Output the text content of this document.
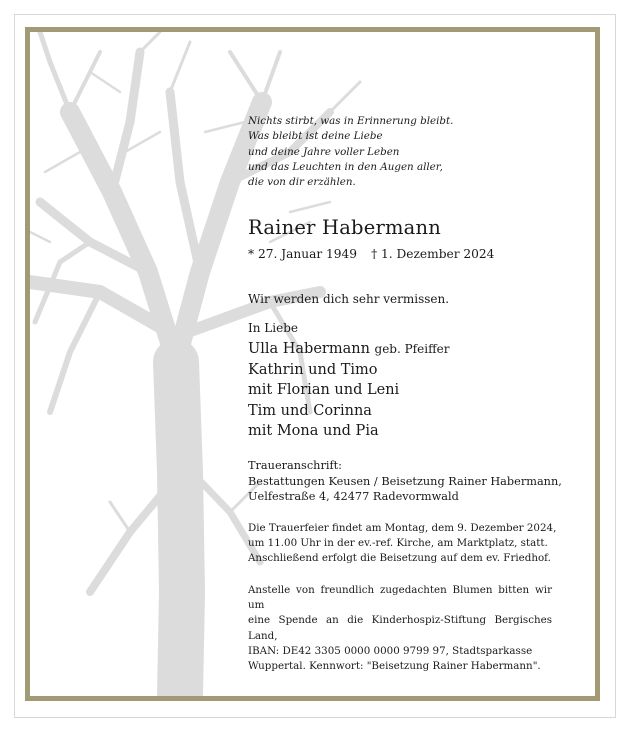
Nichts stirbt, was in Erinnerung bleibt.
Was bleibt ist deine Liebe
und deine Jahre voller Leben
und das Leuchten in den Augen aller,
die von dir erzählen.
Rainer Habermann
* 27. Januar 1949 † 1. Dezember 2024
Wir werden dich sehr vermissen.
In Liebe
Ulla Habermann geb. Pfeiffer
Kathrin und Timo
mit Florian und Leni
Tim und Corinna
mit Mona und Pia
Traueranschrift:
Bestattungen Keusen / Beisetzung Rainer Habermann,
Uelfestraße 4, 42477 Radevormwald
Die Trauerfeier findet am Montag, dem 9. Dezember 2024,
um 11.00 Uhr in der ev.-ref. Kirche, am Marktplatz, statt.
Anschließend erfolgt die Beisetzung auf dem ev. Friedhof.
Anstelle von freundlich zugedachten Blumen bitten wir um
eine Spende an die Kinderhospiz-Stiftung Bergisches Land,
IBAN: DE42 3305 0000 0000 9799 97, Stadtsparkasse
Wuppertal. Kennwort: "Beisetzung Rainer Habermann".
